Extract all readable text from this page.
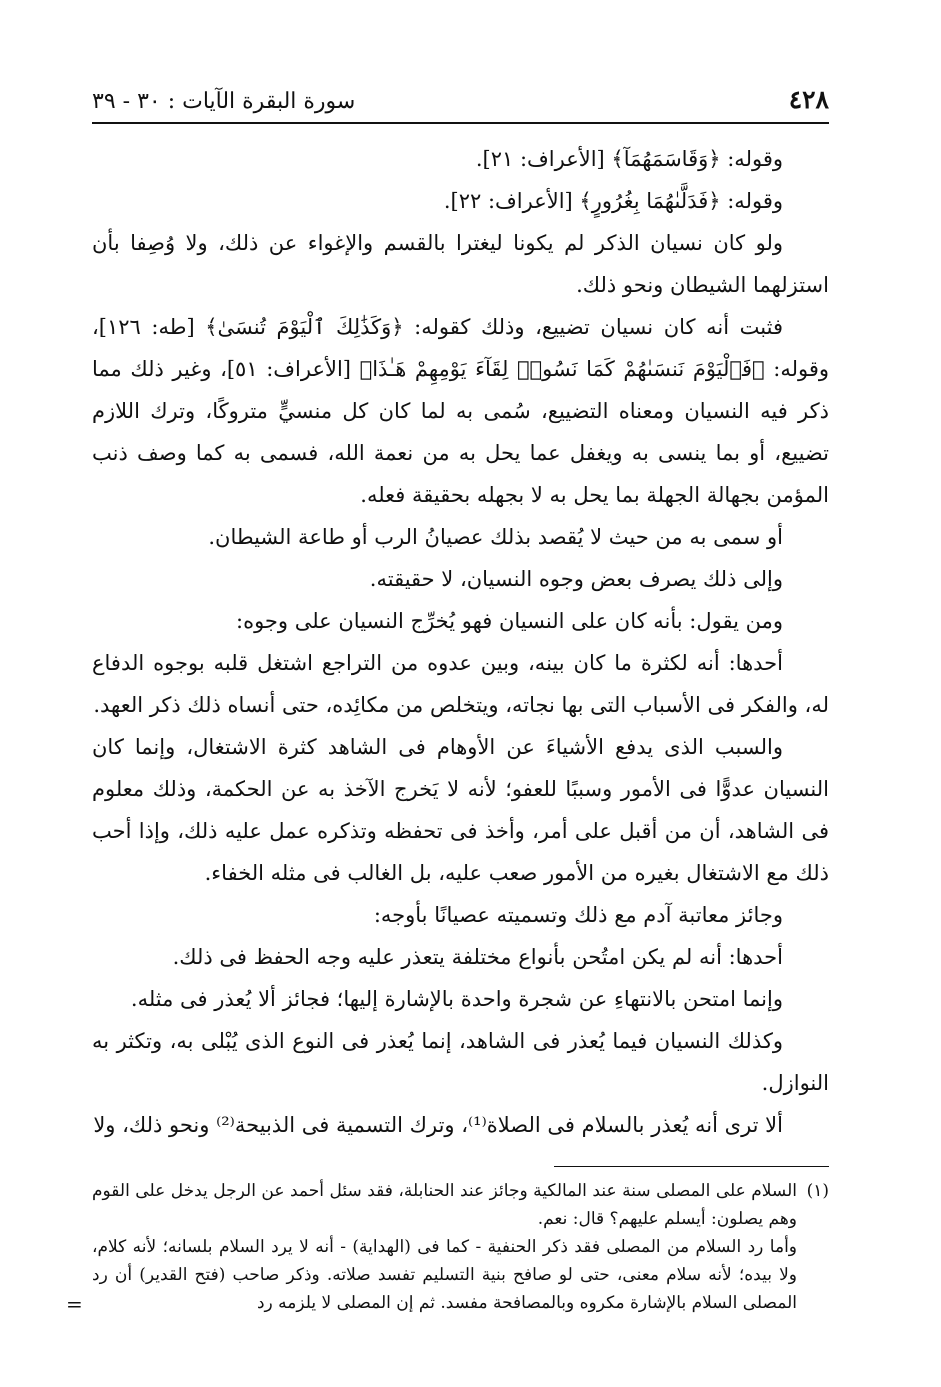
٤٢٨
سورة البقرة الآيات : ٣٠ - ٣٩

وقوله: ﴿وَقَاسَمَهُمَآ﴾ [الأعراف: ٢١].

وقوله: ﴿فَدَلَّىٰهُمَا بِغُرُورٍ﴾ [الأعراف: ٢٢].

ولو كان نسيان الذكر لم يكونا ليغترا بالقسم والإغواء عن ذلك، ولا وُصِفا بأن استزلهما الشيطان ونحو ذلك.

فثبت أنه كان نسيان تضييع، وذلك كقوله: ﴿وَكَذَٰلِكَ ٱلْيَوْمَ تُنسَىٰ﴾ [طه: ١٢٦]، وقوله: ﴿فَٱلْيَوْمَ نَنسَىٰهُمْ كَمَا نَسُوا۟ لِقَآءَ يَوْمِهِمْ هَـٰذَا﴾ [الأعراف: ٥١]، وغير ذلك مما ذكر فيه النسيان ومعناه التضييع، سُمى به لما كان كل منسيٍّ متروكًا، وترك اللازم تضييع، أو بما ينسى به ويغفل عما يحل به من نعمة الله، فسمى به كما وصف ذنب المؤمن بجهالة الجهلة بما يحل به لا بجهله بحقيقة فعله.

أو سمى به من حيث لا يُقصد بذلك عصيانُ الرب أو طاعة الشيطان.

وإلى ذلك يصرف بعض وجوه النسيان، لا حقيقته.

ومن يقول: بأنه كان على النسيان فهو يُخرِّج النسيان على وجوه:

أحدها: أنه لكثرة ما كان بينه، وبين عدوه من التراجع اشتغل قلبه بوجوه الدفاع له، والفكر فى الأسباب التى بها نجاته، ويتخلص من مكائِده، حتى أنساه ذلك ذكر العهد.

والسبب الذى يدفع الأشياءَ عن الأوهام فى الشاهد كثرة الاشتغال، وإنما كان النسيان عدوًّا فى الأمور وسببًا للعفو؛ لأنه لا يَخرج الآخذ به عن الحكمة، وذلك معلوم فى الشاهد، أن من أقبل على أمر، وأخذ فى تحفظه وتذكره عمل عليه ذلك، وإذا أحب ذلك مع الاشتغال بغيره من الأمور صعب عليه، بل الغالب فى مثله الخفاء.

وجائز معاتبة آدم مع ذلك وتسميته عصيانًا بأوجه:

أحدها: أنه لم يكن امتُحن بأنواع مختلفة يتعذر عليه وجه الحفظ فى ذلك.

وإنما امتحن بالانتهاءِ عن شجرة واحدة بالإشارة إليها؛ فجائز ألا يُعذر فى مثله.

وكذلك النسيان فيما يُعذر فى الشاهد، إنما يُعذر فى النوع الذى يُبْلى به، وتكثر به النوازل.

ألا ترى أنه يُعذر بالسلام فى الصلاة⁽¹⁾، وترك التسمية فى الذبيحة⁽²⁾ ونحو ذلك، ولا

(١)
السلام على المصلى سنة عند المالكية وجائز عند الحنابلة، فقد سئل أحمد عن الرجل يدخل على القوم وهم يصلون: أيسلم عليهم؟ قال: نعم.

وأما رد السلام من المصلى فقد ذكر الحنفية - كما فى (الهداية) - أنه لا يرد السلام بلسانه؛ لأنه كلام، ولا بيده؛ لأنه سلام معنى، حتى لو صافح بنية التسليم تفسد صلاته. وذكر صاحب (فتح القدير) أن رد المصلى السلام بالإشارة مكروه وبالمصافحة مفسد. ثم إن المصلى لا يلزمه رد

=
